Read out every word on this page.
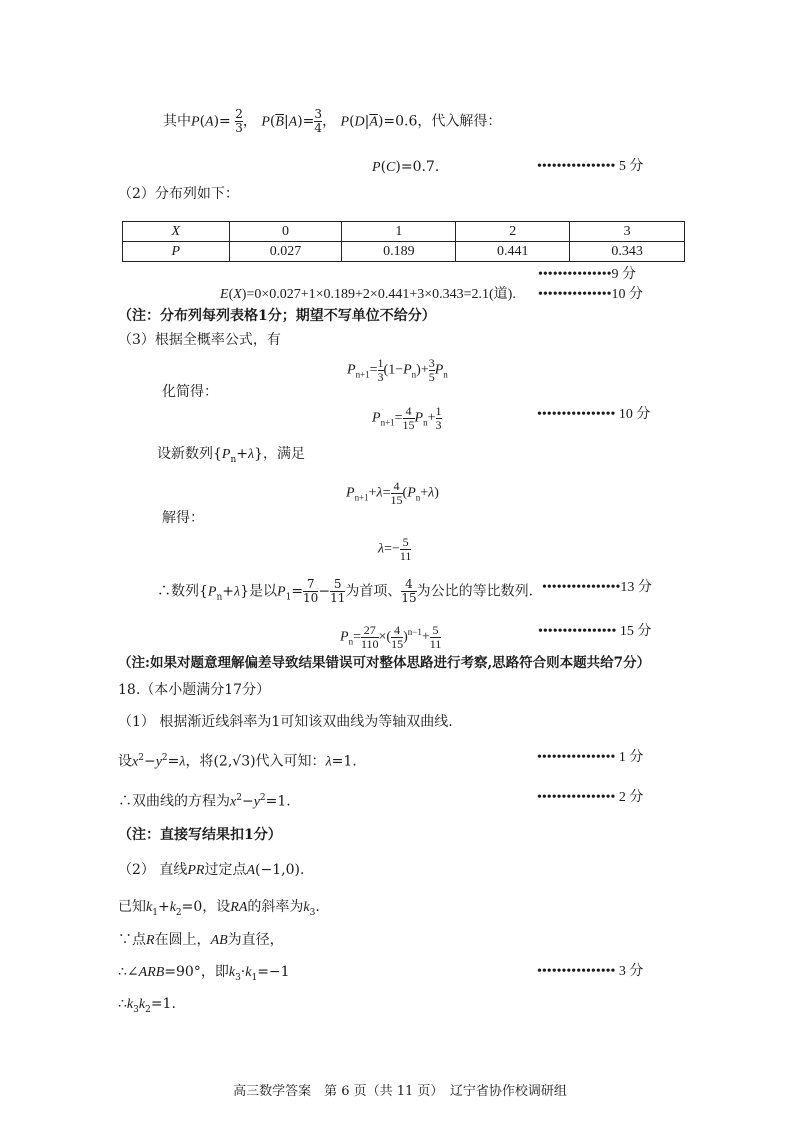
其中$P(A)= \frac{2}{3}$ ， $P(\overline{B}|A)= \frac{3}{4}$ ， $P(D|\overline{A})=0.6$，代入解得：
P(C)=0.7.	•••••••••••••••• 5 分
（2）分布列如下：
X	0	1	2	3
P	0.027	0.189	0.441	0.343
•••••••••••••••9 分
E(X)=0×0.027+1×0.189+2×0.441+3×0.343=2.1(道). •••••••••••••••10 分
（注：分布列每列表格1分；期望不写单位不给分）
（3）根据全概率公式，有
$P_{n+1}= \frac{1}{3} (1-P_n)+ \frac{3}{5} P_n$
化简得：
$P_{n+1}= \frac{4}{15} P_n+ \frac{1}{3}$	•••••••••••••••• 10 分
设新数列$\{P_n+\lambda\}$，满足
$P_{n+1}+\lambda= \frac{4}{15} (P_n+\lambda)$
解得：
$\lambda=- \frac{5}{11}$
∴数列$\{P_n+\lambda\}$是以$P_1= \frac{7}{10} - \frac{5}{11}$ 为首项、 $\frac{4}{15}$ 为公比的等比数列. ••••••••••••••••13 分
$P_n= \frac{27}{110}$ ×( $\frac{4}{15} )^{n-1}+ \frac{5}{11}$	•••••••••••••••• 15 分
（注:如果对题意理解偏差导致结果错误可对整体思路进行考察,思路符合则本题共给7分）
18.（本小题满分17分）
（1） 根据渐近线斜率为1可知该双曲线为等轴双曲线.
设$x^2-y^2=\lambda$，将(2,√3)代入可知：λ=1.	•••••••••••••••• 1 分
∴双曲线的方程为$x^2-y^2=1$.	•••••••••••••••• 2 分
（注：直接写结果扣1分）
（2） 直线PR过定点A(−1,0).
已知$k_1+k_2=0$，设RA的斜率为$k_3$.
∵点R在圆上，AB为直径，
∴∠ARB=90°，即$k_3\cdot k_1=-1$	•••••••••••••••• 3 分
$\therefore k_3k_2=1$.
高三数学答案　第 6 页（共 11 页）　辽宁省协作校调研组
